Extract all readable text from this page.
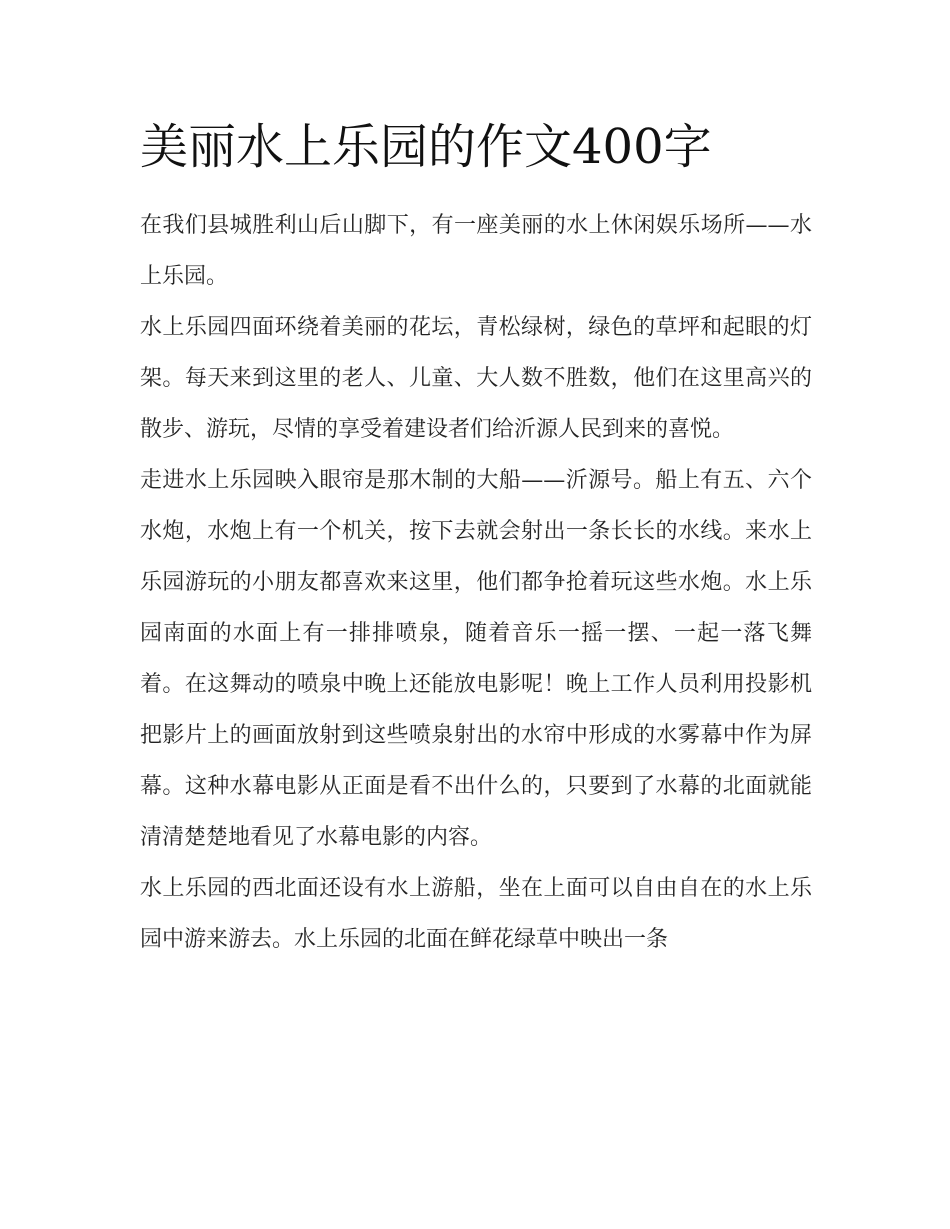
美丽水上乐园的作文400字

在我们县城胜利山后山脚下，有一座美丽的水上休闲娱乐场所——水上乐园。

水上乐园四面环绕着美丽的花坛，青松绿树，绿色的草坪和起眼的灯架。每天来到这里的老人、儿童、大人数不胜数，他们在这里高兴的散步、游玩，尽情的享受着建设者们给沂源人民到来的喜悦。

走进水上乐园映入眼帘是那木制的大船——沂源号。船上有五、六个水炮，水炮上有一个机关，按下去就会射出一条长长的水线。来水上乐园游玩的小朋友都喜欢来这里，他们都争抢着玩这些水炮。水上乐园南面的水面上有一排排喷泉，随着音乐一摇一摆、一起一落飞舞着。在这舞动的喷泉中晚上还能放电影呢！晚上工作人员利用投影机把影片上的画面放射到这些喷泉射出的水帘中形成的水雾幕中作为屏幕。这种水幕电影从正面是看不出什么的，只要到了水幕的北面就能清清楚楚地看见了水幕电影的内容。

水上乐园的西北面还设有水上游船，坐在上面可以自由自在的水上乐园中游来游去。水上乐园的北面在鲜花绿草中映出一条
